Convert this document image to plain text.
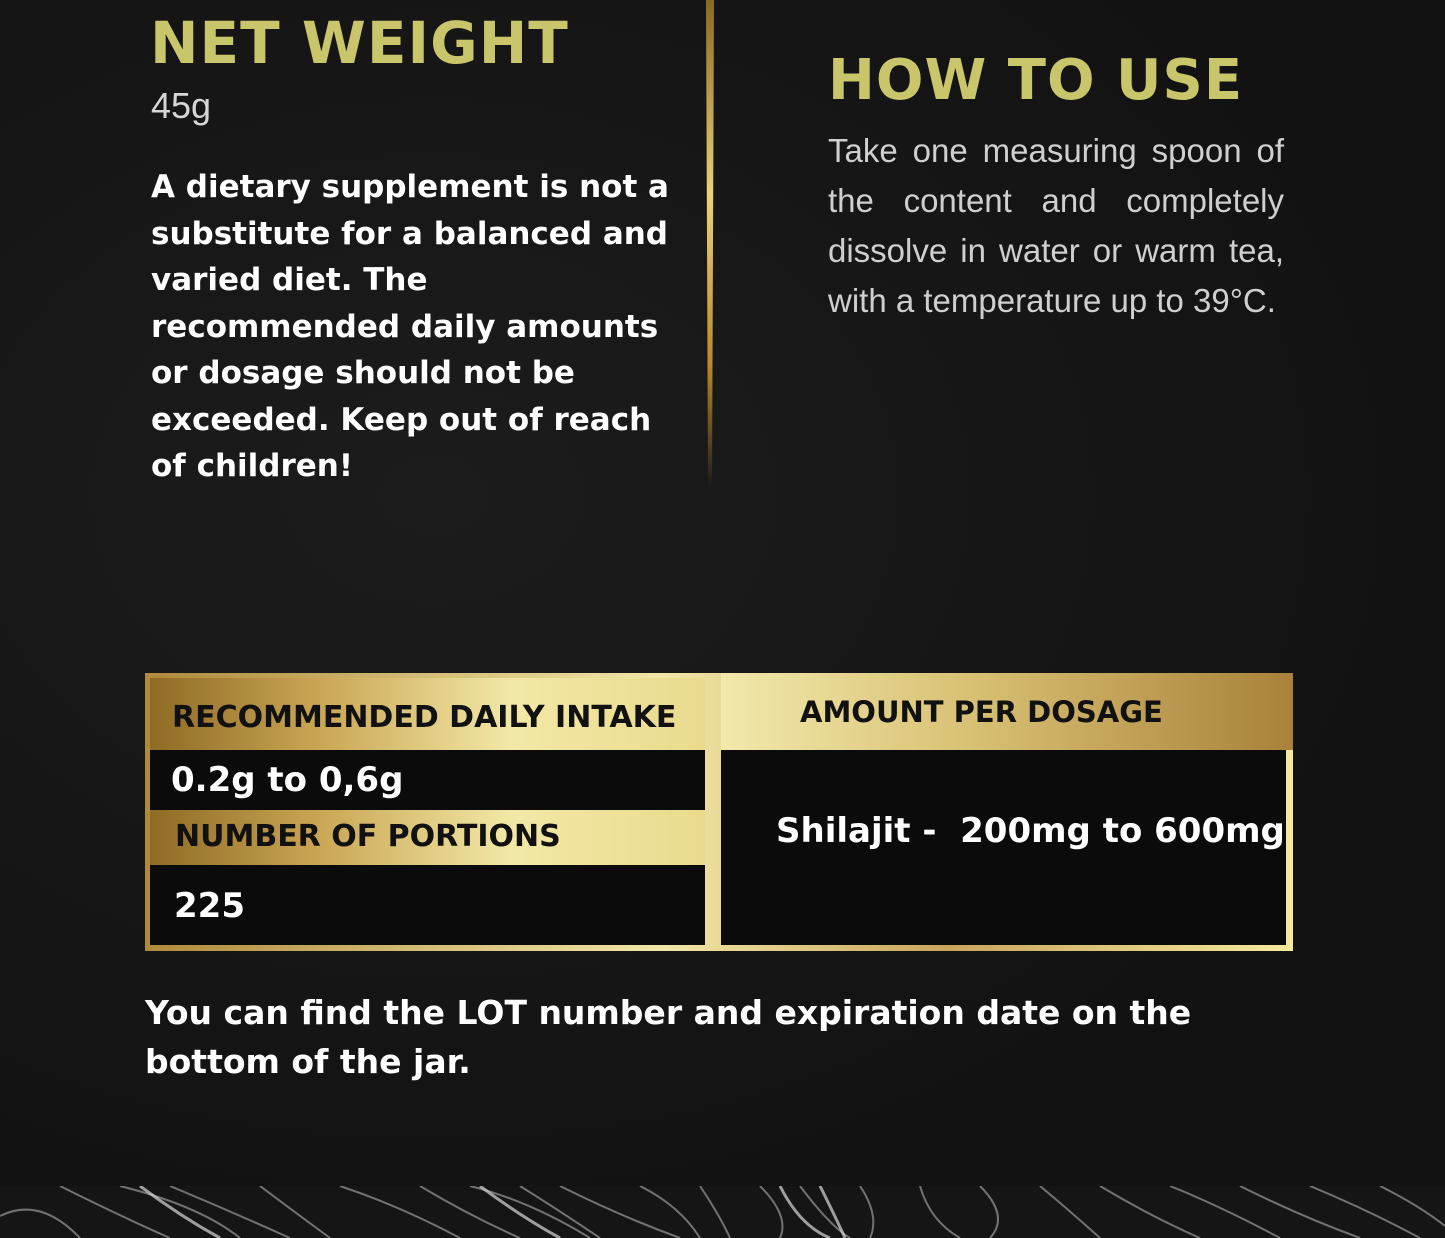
NET WEIGHT
45g

A dietary supplement is not a substitute for a balanced and varied diet. The recommended daily amounts or dosage should not be exceeded. Keep out of reach of children!

HOW TO USE

Take one measuring spoon of the content and completely dissolve in water or warm tea, with a temperature up to 39°C.

RECOMMENDED DAILY INTAKE
NUMBER OF PORTIONS
AMOUNT PER DOSAGE
0.2g to 0,6g
225
Shilajit -  200mg to 600mg

You can find the LOT number and expiration date on the bottom of the jar.
